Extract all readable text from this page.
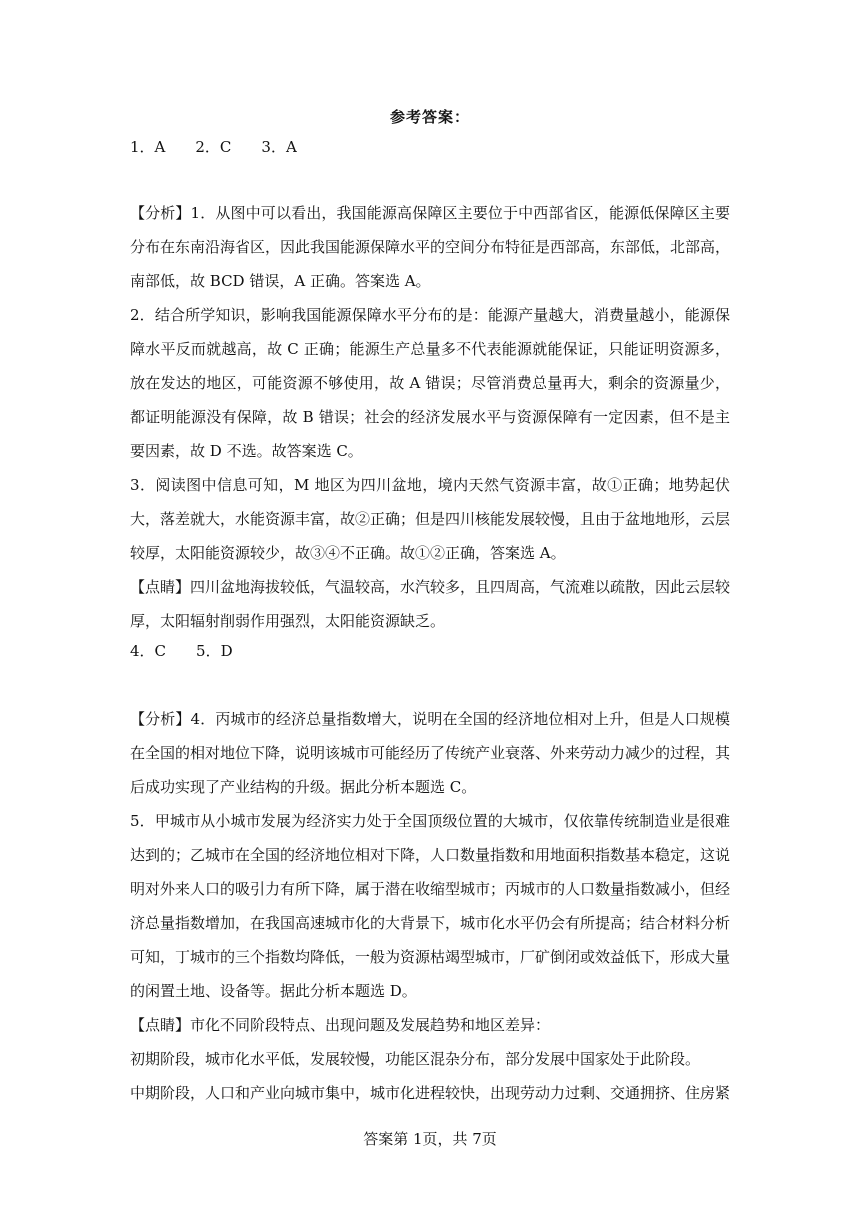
参考答案：
1．A　　2．C　　3．A
【分析】1．从图中可以看出，我国能源高保障区主要位于中西部省区，能源低保障区主要分布在东南沿海省区，因此我国能源保障水平的空间分布特征是西部高，东部低，北部高，南部低，故 BCD 错误，A 正确。答案选 A。
2．结合所学知识，影响我国能源保障水平分布的是：能源产量越大，消费量越小，能源保障水平反而就越高，故 C 正确；能源生产总量多不代表能源就能保证，只能证明资源多，放在发达的地区，可能资源不够使用，故 A 错误；尽管消费总量再大，剩余的资源量少，都证明能源没有保障，故 B 错误；社会的经济发展水平与资源保障有一定因素，但不是主要因素，故 D 不选。故答案选 C。
3．阅读图中信息可知，M 地区为四川盆地，境内天然气资源丰富，故①正确；地势起伏大，落差就大，水能资源丰富，故②正确；但是四川核能发展较慢，且由于盆地地形，云层较厚，太阳能资源较少，故③④不正确。故①②正确，答案选 A。
【点睛】四川盆地海拔较低，气温较高，水汽较多，且四周高，气流难以疏散，因此云层较厚，太阳辐射削弱作用强烈，太阳能资源缺乏。
4．C　　5．D
【分析】4．丙城市的经济总量指数增大，说明在全国的经济地位相对上升，但是人口规模在全国的相对地位下降，说明该城市可能经历了传统产业衰落、外来劳动力减少的过程，其后成功实现了产业结构的升级。据此分析本题选 C。
5．甲城市从小城市发展为经济实力处于全国顶级位置的大城市，仅依靠传统制造业是很难达到的；乙城市在全国的经济地位相对下降，人口数量指数和用地面积指数基本稳定，这说明对外来人口的吸引力有所下降，属于潜在收缩型城市；丙城市的人口数量指数减小，但经济总量指数增加，在我国高速城市化的大背景下，城市化水平仍会有所提高；结合材料分析可知，丁城市的三个指数均降低，一般为资源枯竭型城市，厂矿倒闭或效益低下，形成大量的闲置土地、设备等。据此分析本题选 D。
【点睛】市化不同阶段特点、出现问题及发展趋势和地区差异：
初期阶段，城市化水平低，发展较慢，功能区混杂分布，部分发展中国家处于此阶段。
中期阶段，人口和产业向城市集中，城市化进程较快，出现劳动力过剩、交通拥挤、住房紧
答案第 1页，共 7页
